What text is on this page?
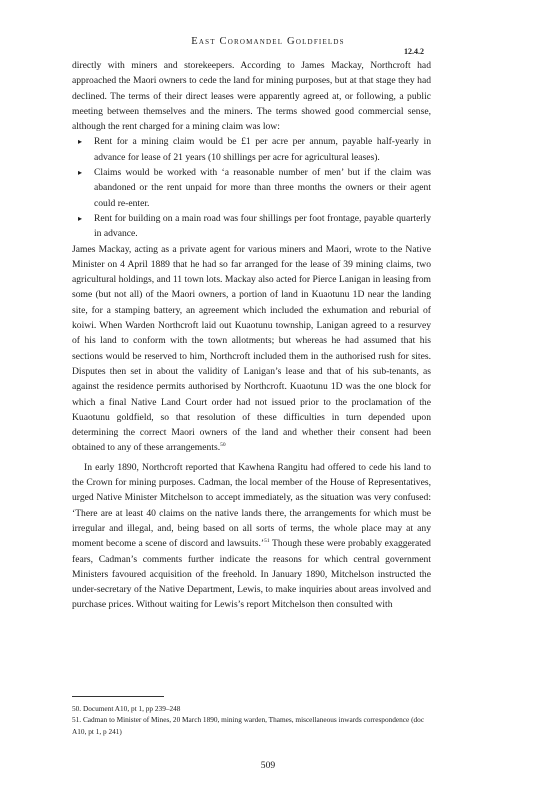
East Coromandel Goldfields
12.4.2

directly with miners and storekeepers. According to James Mackay, Northcroft had approached the Maori owners to cede the land for mining purposes, but at that stage they had declined. The terms of their direct leases were apparently agreed at, or following, a public meeting between themselves and the miners. The terms showed good commercial sense, although the rent charged for a mining claim was low:

▸ Rent for a mining claim would be £1 per acre per annum, payable half-yearly in advance for lease of 21 years (10 shillings per acre for agricultural leases).
▸ Claims would be worked with ‘a reasonable number of men’ but if the claim was abandoned or the rent unpaid for more than three months the owners or their agent could re-enter.
▸ Rent for building on a main road was four shillings per foot frontage, payable quarterly in advance.

James Mackay, acting as a private agent for various miners and Maori, wrote to the Native Minister on 4 April 1889 that he had so far arranged for the lease of 39 mining claims, two agricultural holdings, and 11 town lots. Mackay also acted for Pierce Lanigan in leasing from some (but not all) of the Maori owners, a portion of land in Kuaotunu 1D near the landing site, for a stamping battery, an agreement which included the exhumation and reburial of koiwi. When Warden Northcroft laid out Kuaotunu township, Lanigan agreed to a resurvey of his land to conform with the town allotments; but whereas he had assumed that his sections would be reserved to him, Northcroft included them in the authorised rush for sites. Disputes then set in about the validity of Lanigan’s lease and that of his sub-tenants, as against the residence permits authorised by Northcroft. Kuaotunu 1D was the one block for which a final Native Land Court order had not issued prior to the proclamation of the Kuaotunu goldfield, so that resolution of these difficulties in turn depended upon determining the correct Maori owners of the land and whether their consent had been obtained to any of these arrangements.$^{50}$

In early 1890, Northcroft reported that Kawhena Rangitu had offered to cede his land to the Crown for mining purposes. Cadman, the local member of the House of Representatives, urged Native Minister Mitchelson to accept immediately, as the situation was very confused: ‘There are at least 40 claims on the native lands there, the arrangements for which must be irregular and illegal, and, being based on all sorts of terms, the whole place may at any moment become a scene of discord and lawsuits.’$^{51}$ Though these were probably exaggerated fears, Cadman’s comments further indicate the reasons for which central government Ministers favoured acquisition of the freehold. In January 1890, Mitchelson instructed the under-secretary of the Native Department, Lewis, to make inquiries about areas involved and purchase prices. Without waiting for Lewis’s report Mitchelson then consulted with

50. Document A10, pt 1, pp 239–248

51. Cadman to Minister of Mines, 20 March 1890, mining warden, Thames, miscellaneous inwards correspondence (doc A10, pt 1, p 241)

509
